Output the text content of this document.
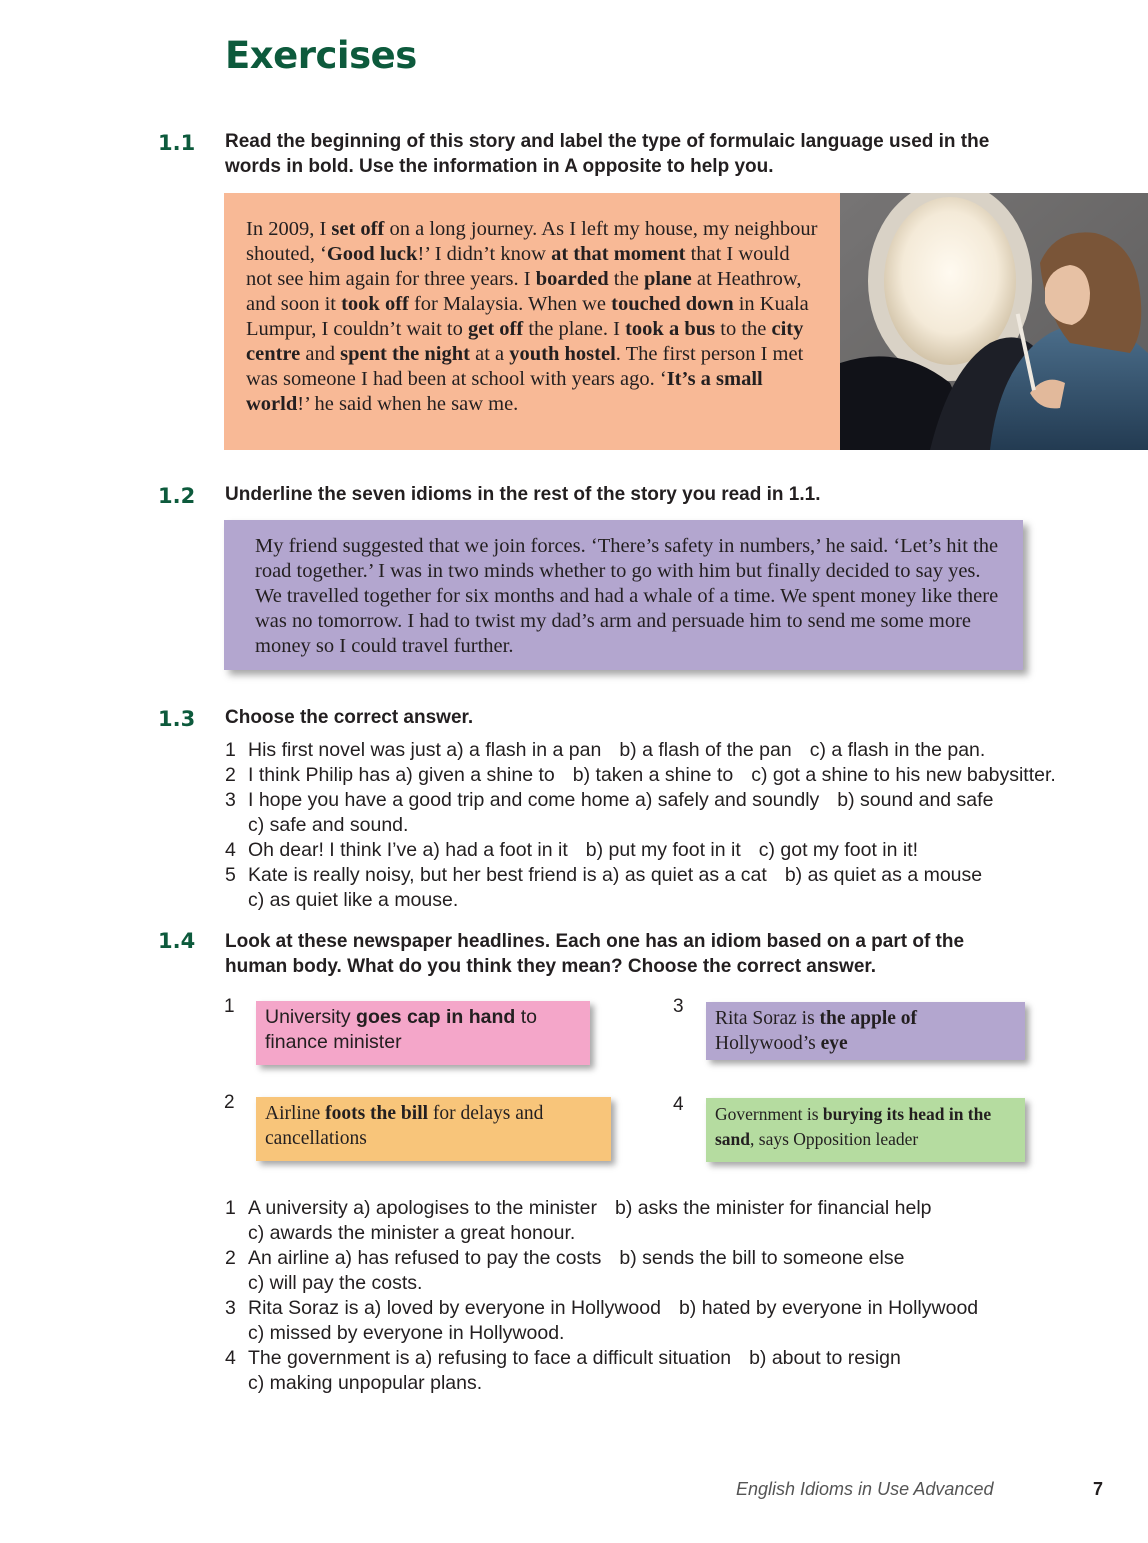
Exercises
1.1 Read the beginning of this story and label the type of formulaic language used in the words in bold. Use the information in A opposite to help you.
In 2009, I set off on a long journey. As I left my house, my neighbour shouted, ‘Good luck!’ I didn’t know at that moment that I would not see him again for three years. I boarded the plane at Heathrow, and soon it took off for Malaysia. When we touched down in Kuala Lumpur, I couldn’t wait to get off the plane. I took a bus to the city centre and spent the night at a youth hostel. The first person I met was someone I had been at school with years ago. ‘It’s a small world!’ he said when he saw me.
1.2 Underline the seven idioms in the rest of the story you read in 1.1.
My friend suggested that we join forces. ‘There’s safety in numbers,’ he said. ‘Let’s hit the road together.’ I was in two minds whether to go with him but finally decided to say yes. We travelled together for six months and had a whale of a time. We spent money like there was no tomorrow. I had to twist my dad’s arm and persuade him to send me some more money so I could travel further.
1.3 Choose the correct answer.
1 His first novel was just a) a flash in a pan b) a flash of the pan c) a flash in the pan.
2 I think Philip has a) given a shine to b) taken a shine to c) got a shine to his new babysitter.
3 I hope you have a good trip and come home a) safely and soundly b) sound and safe
c) safe and sound.
4 Oh dear! I think I’ve a) had a foot in it b) put my foot in it c) got my foot in it!
5 Kate is really noisy, but her best friend is a) as quiet as a cat b) as quiet as a mouse
c) as quiet like a mouse.
1.4 Look at these newspaper headlines. Each one has an idiom based on a part of the human body. What do you think they mean? Choose the correct answer.
1	University goes cap in hand to finance minister
2
Airline foots the bill for delays and cancellations
3
Rita Soraz is the apple of Hollywood’s eye
4	Government is burying its head in the sand, says Opposition leader
1 A university a) apologises to the minister b) asks the minister for financial help
c) awards the minister a great honour.
2 An airline a) has refused to pay the costs b) sends the bill to someone else
c) will pay the costs.
3 Rita Soraz is a) loved by everyone in Hollywood b) hated by everyone in Hollywood
c) missed by everyone in Hollywood.
4 The government is a) refusing to face a difficult situation b) about to resign
c) making unpopular plans.
English Idioms in Use Advanced	7
